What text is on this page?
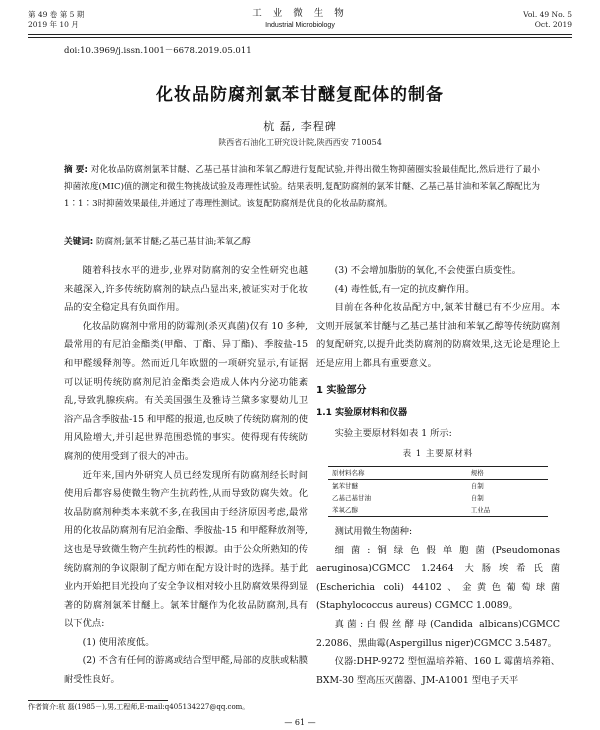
第 49 卷 第 5 期
2019 年 10 月
工 业 微 生 物
Industrial Microbiology
Vol. 49 No. 5
Oct. 2019
doi:10.3969/j.issn.1001－6678.2019.05.011
化妆品防腐剂氯苯甘醚复配体的制备
杭 磊, 李程碑
陕西省石油化工研究设计院,陕西西安 710054
摘 要: 对化妆品防腐剂氯苯甘醚、乙基己基甘油和苯氧乙醇进行复配试验,并得出微生物抑菌圈实验最佳配比,然后进行了最小抑菌浓度(MIC)值的测定和微生物挑战试验及毒理性试验。结果表明,复配防腐剂的氯苯甘醚、乙基己基甘油和苯氧乙醇配比为 1∶1∶3时抑菌效果最佳,并通过了毒理性测试。该复配防腐剂是优良的化妆品防腐剂。
关键词: 防腐剂;氯苯甘醚;乙基己基甘油;苯氧乙醇

随着科技水平的进步,业界对防腐剂的安全性研究也越来越深入,许多传统防腐剂的缺点凸显出来,被证实对于化妆品的安全稳定具有负面作用。

化妆品防腐剂中常用的防霉剂(杀灭真菌)仅有 10 多种,最常用的有尼泊金酯类(甲酯、丁酯、异丁酯)、季胺盐-15 和甲醛缓释剂等。然而近几年欧盟的一项研究显示,有证据可以证明传统防腐剂尼泊金酯类会造成人体内分泌功能紊乱,导致乳腺疾病。有关美国强生及雅诗兰黛多家婴幼儿卫浴产品含季胺盐-15 和甲醛的报道,也反映了传统防腐剂的使用风险增大,并引起世界范围恐慌的事实。使得现有传统防腐剂的使用受到了很大的冲击。

近年来,国内外研究人员已经发现所有防腐剂经长时间使用后都容易使微生物产生抗药性,从而导致防腐失效。化妆品防腐剂种类本来就不多,在我国由于经济原因考虑,最常用的化妆品防腐剂有尼泊金酯、季胺盐-15 和甲醛释放剂等,这也是导致微生物产生抗药性的根源。由于公众所熟知的传统防腐剂的争议限制了配方师在配方设计时的选择。基于此业内开始把目光投向了安全争议相对较小且防腐效果得到显著的防腐剂氯苯甘醚上。氯苯甘醚作为化妆品防腐剂,具有以下优点:

(1) 使用浓度低。

(2) 不含有任何的游离或结合型甲醛,局部的皮肤或粘膜耐受性良好。

(3) 不会增加脂肪的氧化,不会使蛋白质变性。

(4) 毒性低,有一定的抗皮癣作用。

目前在各种化妆品配方中,氯苯甘醚已有不少应用。本文则开展氯苯甘醚与乙基己基甘油和苯氧乙醇等传统防腐剂的复配研究,以提升此类防腐剂的防腐效果,这无论是理论上还是应用上都具有重要意义。

1 实验部分
1.1 实验原材料和仪器

实验主要原材料如表 1 所示:

表 1 主要原材料
原材料名称	规格
氯苯甘醚	自制
乙基己基甘油	自制
苯氧乙醇	工业品

测试用微生物菌种:

细菌:铜绿色假单胞菌(Pseudomonas aeruginosa)CGMCC 1.2464 大肠埃希氏菌(Escherichia coli) 44102、金黄色葡萄球菌(Staphylococcus aureus) CGMCC 1.0089。

真菌:白假丝酵母(Candida albicans)CGMCC 2.2086、黑曲霉(Aspergillus niger)CGMCC 3.5487。

仪器:DHP-9272 型恒温培养箱、160 L 霉菌培养箱、BXM-30 型高压灭菌器、JM-A1001 型电子天平

作者简介:杭 磊(1985－),男,工程师,E-mail:q405134227@qq.com。
— 61 —
